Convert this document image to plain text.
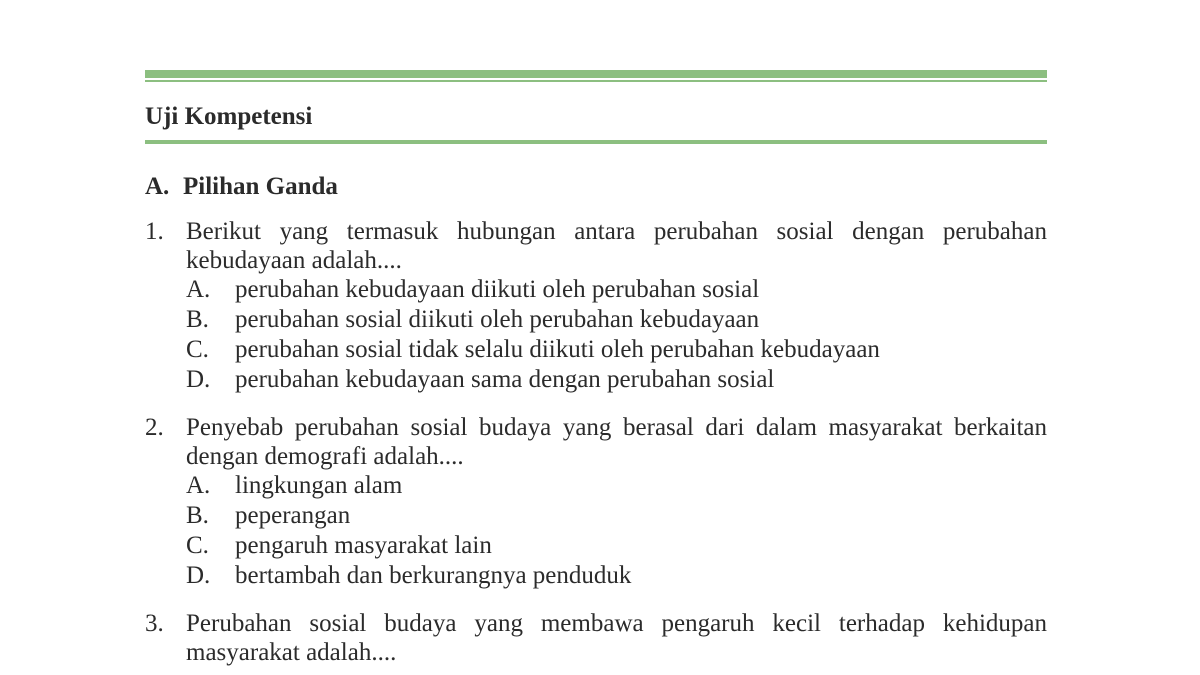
Uji Kompetensi
A. Pilihan Ganda
1. Berikut yang termasuk hubungan antara perubahan sosial dengan perubahan kebudayaan adalah....
A. perubahan kebudayaan diikuti oleh perubahan sosial
B. perubahan sosial diikuti oleh perubahan kebudayaan
C. perubahan sosial tidak selalu diikuti oleh perubahan kebudayaan
D. perubahan kebudayaan sama dengan perubahan sosial
2. Penyebab perubahan sosial budaya yang berasal dari dalam masyarakat berkaitan dengan demografi adalah....
A. lingkungan alam
B. peperangan
C. pengaruh masyarakat lain
D. bertambah dan berkurangnya penduduk
3. Perubahan sosial budaya yang membawa pengaruh kecil terhadap kehidupan masyarakat adalah....
